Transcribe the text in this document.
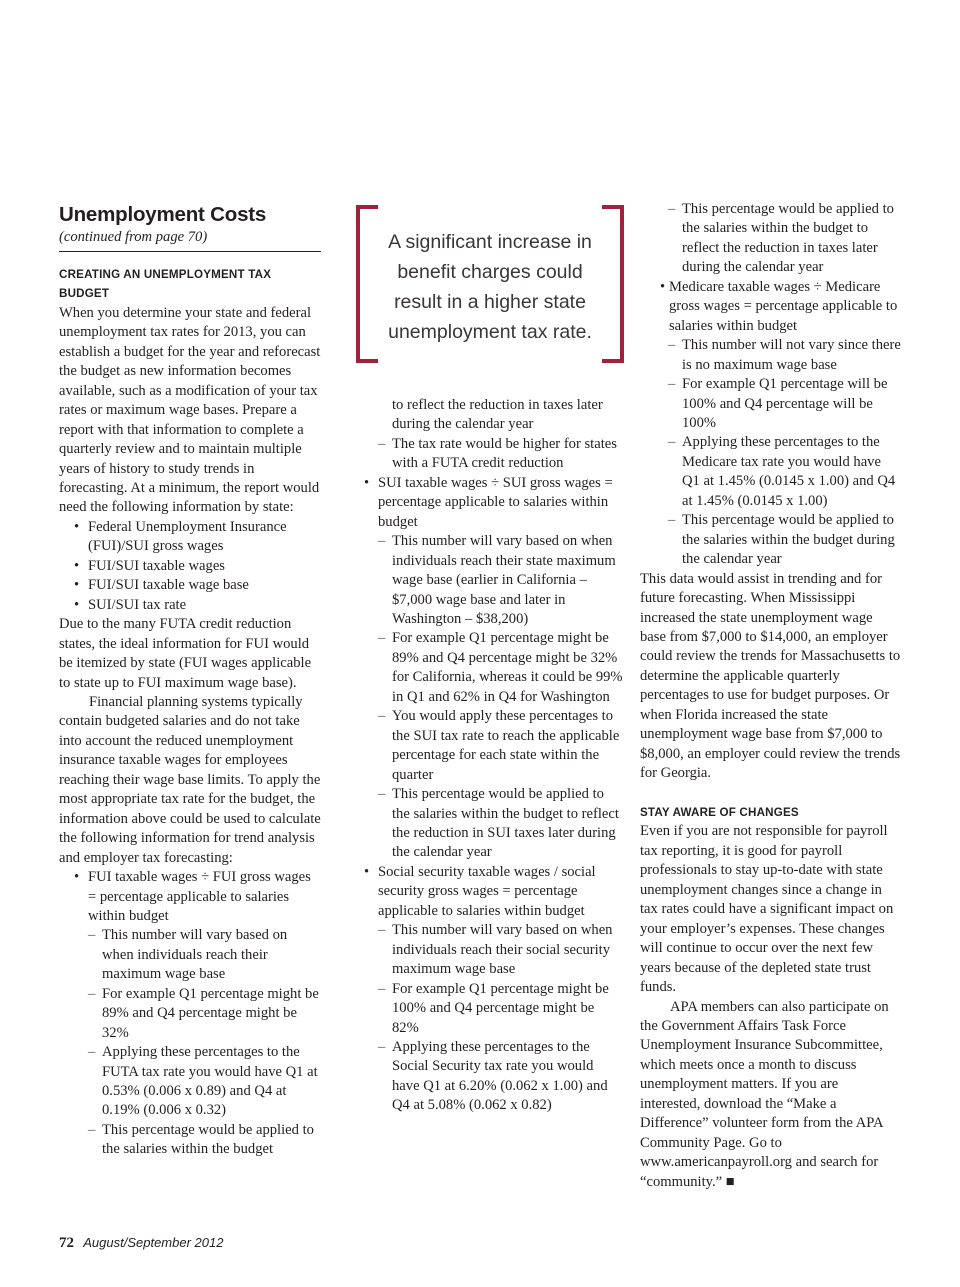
Unemployment Costs
(continued from page 70)
CREATING AN UNEMPLOYMENT TAX BUDGET

When you determine your state and federal unemployment tax rates for 2013, you can establish a budget for the year and reforecast the budget as new information becomes available, such as a modification of your tax rates or maximum wage bases. Prepare a report with that information to complete a quarterly review and to maintain multiple years of history to study trends in forecasting. At a minimum, the report would need the following information by state:

• Federal Unemployment Insurance (FUI)/SUI gross wages
• FUI/SUI taxable wages
• FUI/SUI taxable wage base
• SUI/SUI tax rate

Due to the many FUTA credit reduction states, the ideal information for FUI would be itemized by state (FUI wages applicable to state up to FUI maximum wage base).

Financial planning systems typically contain budgeted salaries and do not take into account the reduced unemployment insurance taxable wages for employees reaching their wage base limits. To apply the most appropriate tax rate for the budget, the information above could be used to calculate the following information for trend analysis and employer tax forecasting:

• FUI taxable wages ÷ FUI gross wages = percentage applicable to salaries within budget
– This number will vary based on when individuals reach their maximum wage base
– For example Q1 percentage might be 89% and Q4 percentage might be 32%
– Applying these percentages to the FUTA tax rate you would have Q1 at 0.53% (0.006 x 0.89) and Q4 at 0.19% (0.006 x 0.32)
– This percentage would be applied to the salaries within the budget
A significant increase in benefit charges could result in a higher state unemployment tax rate.
to reflect the reduction in taxes later during the calendar year
– The tax rate would be higher for states with a FUTA credit reduction
• SUI taxable wages ÷ SUI gross wages = percentage applicable to salaries within budget
– This number will vary based on when individuals reach their state maximum wage base (earlier in California – $7,000 wage base and later in Washington – $38,200)
– For example Q1 percentage might be 89% and Q4 percentage might be 32% for California, whereas it could be 99% in Q1 and 62% in Q4 for Washington
– You would apply these percentages to the SUI tax rate to reach the applicable percentage for each state within the quarter
– This percentage would be applied to the salaries within the budget to reflect the reduction in SUI taxes later during the calendar year
• Social security taxable wages / social security gross wages = percentage applicable to salaries within budget
– This number will vary based on when individuals reach their social security maximum wage base
– For example Q1 percentage might be 100% and Q4 percentage might be 82%
– Applying these percentages to the Social Security tax rate you would have Q1 at 6.20% (0.062 x 1.00) and Q4 at 5.08% (0.062 x 0.82)
– This percentage would be applied to the salaries within the budget to reflect the reduction in taxes later during the calendar year
• Medicare taxable wages ÷ Medicare gross wages = percentage applicable to salaries within budget
– This number will not vary since there is no maximum wage base
– For example Q1 percentage will be 100% and Q4 percentage will be 100%
– Applying these percentages to the Medicare tax rate you would have Q1 at 1.45% (0.0145 x 1.00) and Q4 at 1.45% (0.0145 x 1.00)
– This percentage would be applied to the salaries within the budget during the calendar year

This data would assist in trending and for future forecasting. When Mississippi increased the state unemployment wage base from $7,000 to $14,000, an employer could review the trends for Massachusetts to determine the applicable quarterly percentages to use for budget purposes. Or when Florida increased the state unemployment wage base from $7,000 to $8,000, an employer could review the trends for Georgia.

STAY AWARE OF CHANGES

Even if you are not responsible for payroll tax reporting, it is good for payroll professionals to stay up-to-date with state unemployment changes since a change in tax rates could have a significant impact on your employer’s expenses. These changes will continue to occur over the next few years because of the depleted state trust funds.

APA members can also participate on the Government Affairs Task Force Unemployment Insurance Subcommittee, which meets once a month to discuss unemployment matters. If you are interested, download the “Make a Difference” volunteer form from the APA Community Page. Go to www.americanpayroll.org and search for “community.” ■

72 August/September 2012
